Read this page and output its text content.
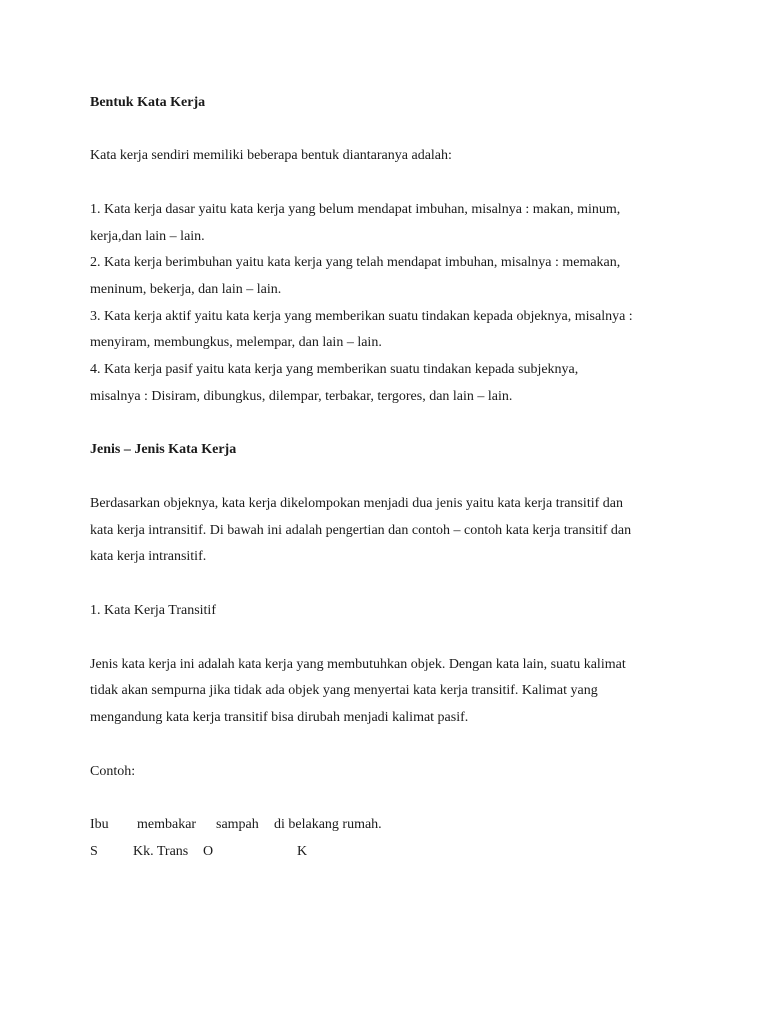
Bentuk Kata Kerja
Kata kerja sendiri memiliki beberapa bentuk diantaranya adalah:
1. Kata kerja dasar yaitu kata kerja yang belum mendapat imbuhan, misalnya : makan, minum,
kerja,dan lain – lain.
2. Kata kerja berimbuhan yaitu kata kerja yang telah mendapat imbuhan, misalnya : memakan,
meninum, bekerja, dan lain – lain.
3. Kata kerja aktif yaitu kata kerja yang memberikan suatu tindakan kepada objeknya, misalnya :
menyiram, membungkus, melempar, dan lain – lain.
4. Kata kerja pasif yaitu kata kerja yang memberikan suatu tindakan kepada subjeknya,
misalnya : Disiram, dibungkus, dilempar, terbakar, tergores, dan lain – lain.
Jenis – Jenis Kata Kerja
Berdasarkan objeknya, kata kerja dikelompokan menjadi dua jenis yaitu kata kerja transitif dan
kata kerja intransitif. Di bawah ini adalah pengertian dan contoh – contoh kata kerja transitif dan
kata kerja intransitif.
1. Kata Kerja Transitif
Jenis kata kerja ini adalah kata kerja yang membutuhkan objek. Dengan kata lain, suatu kalimat
tidak akan sempurna jika tidak ada objek yang menyertai kata kerja transitif. Kalimat yang
mengandung kata kerja transitif bisa dirubah menjadi kalimat pasif.
Contoh:
Ibu membakar sampah di belakang rumah.
S	Kk. Trans O	K
